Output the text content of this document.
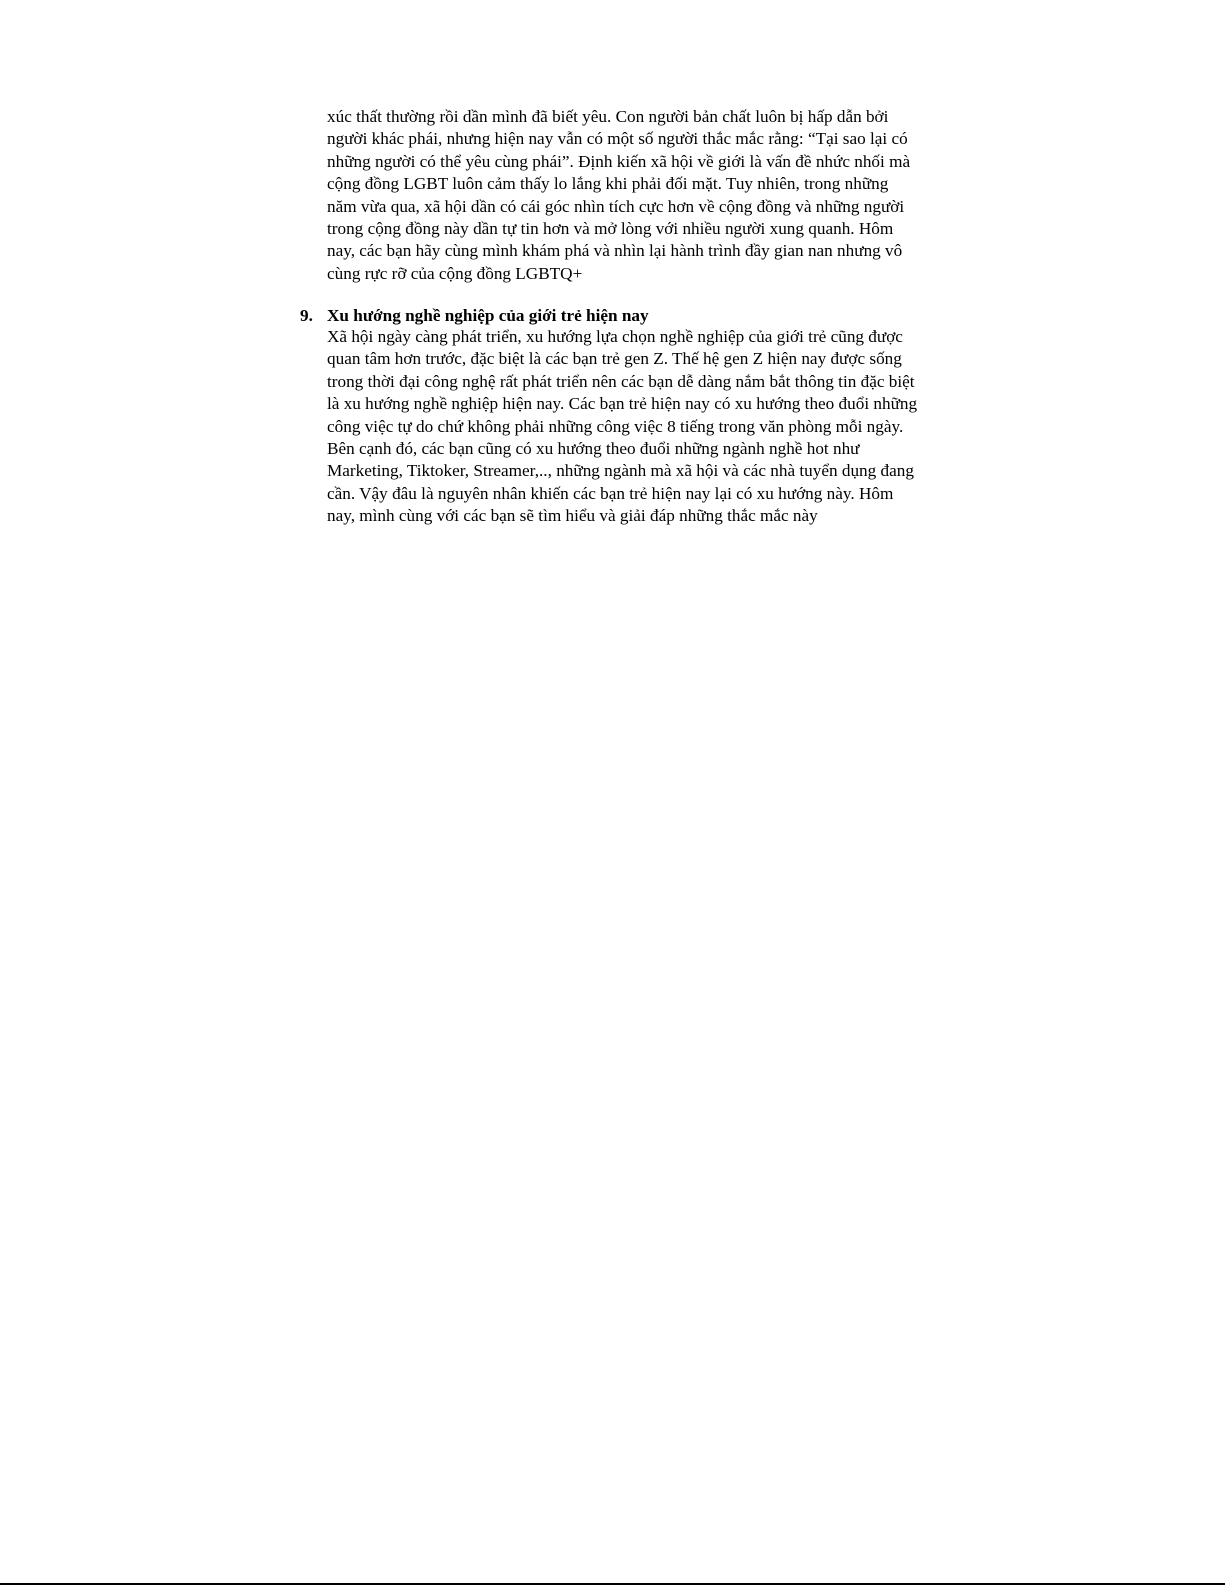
xúc thất thường rồi dần mình đã biết yêu. Con người bản chất luôn bị hấp dẫn bởi
người khác phái, nhưng hiện nay vẫn có một số người thắc mắc rằng: “Tại sao lại có
những người có thể yêu cùng phái”. Định kiến xã hội về giới là vấn đề nhức nhối mà
cộng đồng LGBT luôn cảm thấy lo lắng khi phải đối mặt. Tuy nhiên, trong những
năm vừa qua, xã hội dần có cái góc nhìn tích cực hơn về cộng đồng và những người
trong cộng đồng này dần tự tin hơn và mở lòng với nhiều người xung quanh. Hôm
nay, các bạn hãy cùng mình khám phá và nhìn lại hành trình đầy gian nan nhưng vô
cùng rực rỡ của cộng đồng LGBTQ+

9. Xu hướng nghề nghiệp của giới trẻ hiện nay

Xã hội ngày càng phát triển, xu hướng lựa chọn nghề nghiệp của giới trẻ cũng được
quan tâm hơn trước, đặc biệt là các bạn trẻ gen Z. Thế hệ gen Z hiện nay được sống
trong thời đại công nghệ rất phát triển nên các bạn dễ dàng nắm bắt thông tin đặc biệt
là xu hướng nghề nghiệp hiện nay. Các bạn trẻ hiện nay có xu hướng theo đuổi những
công việc tự do chứ không phải những công việc 8 tiếng trong văn phòng mỗi ngày.
Bên cạnh đó, các bạn cũng có xu hướng theo đuổi những ngành nghề hot như
Marketing, Tiktoker, Streamer,.., những ngành mà xã hội và các nhà tuyển dụng đang
cần. Vậy đâu là nguyên nhân khiến các bạn trẻ hiện nay lại có xu hướng này. Hôm
nay, mình cùng với các bạn sẽ tìm hiểu và giải đáp những thắc mắc này
